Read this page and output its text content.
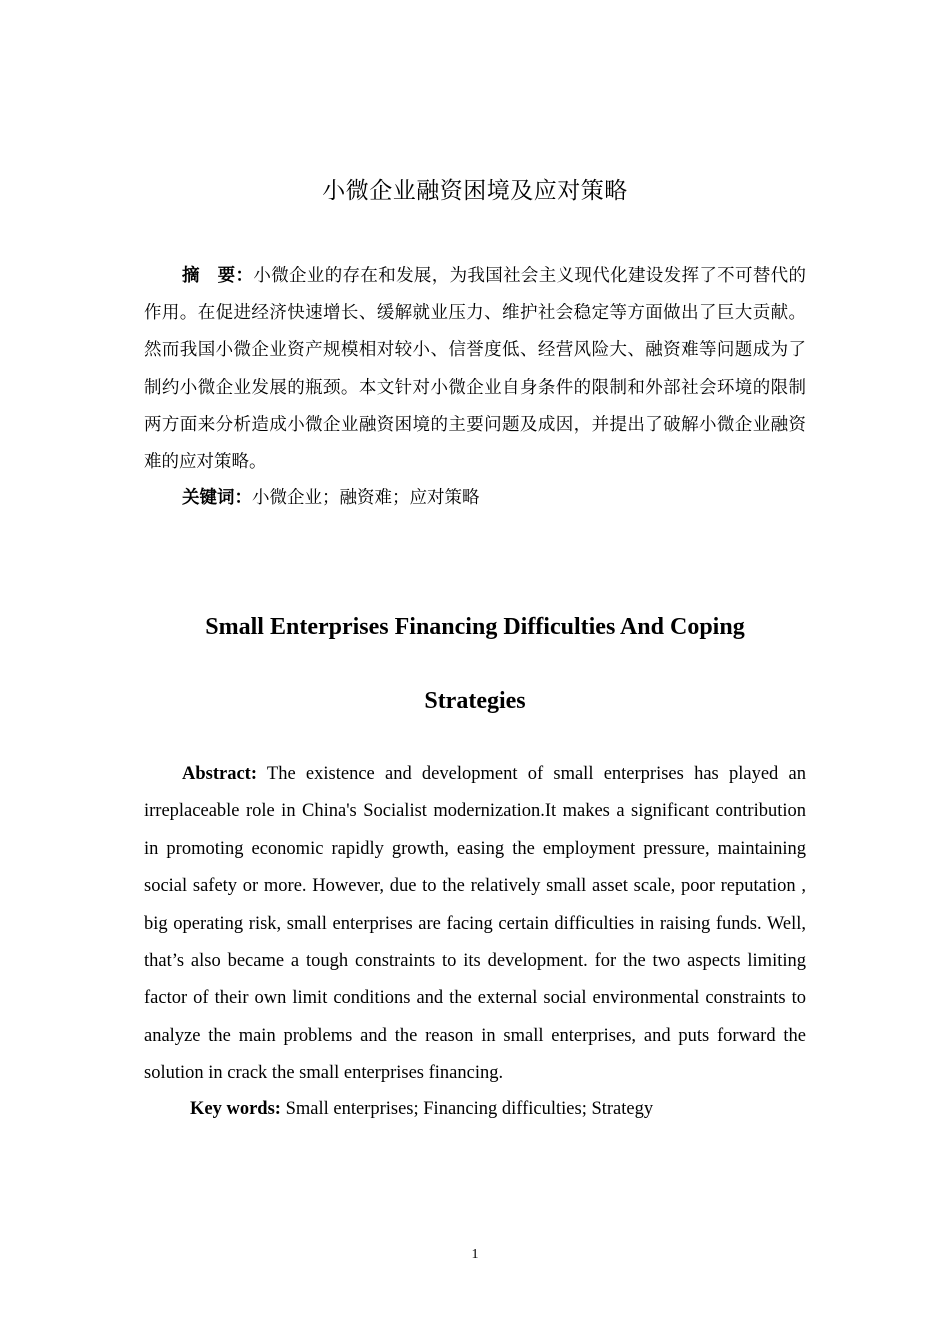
小微企业融资困境及应对策略
摘　要：小微企业的存在和发展，为我国社会主义现代化建设发挥了不可替代的作用。在促进经济快速增长、缓解就业压力、维护社会稳定等方面做出了巨大贡献。然而我国小微企业资产规模相对较小、信誉度低、经营风险大、融资难等问题成为了制约小微企业发展的瓶颈。本文针对小微企业自身条件的限制和外部社会环境的限制两方面来分析造成小微企业融资困境的主要问题及成因，并提出了破解小微企业融资难的应对策略。
关键词：小微企业；融资难；应对策略
Small Enterprises Financing Difficulties And Coping
Strategies
Abstract: The existence and development of small enterprises has played an irreplaceable role in China's Socialist modernization.It makes a significant contribution in promoting economic rapidly growth, easing the employment pressure, maintaining social safety or more. However, due to the relatively small asset scale, poor reputation , big operating risk, small enterprises are facing certain difficulties in raising funds. Well, that’s also became a tough constraints to its development. for the two aspects limiting factor of their own limit conditions and the external social environmental constraints to analyze the main problems and the reason in small enterprises, and puts forward the solution in crack the small enterprises financing.
Key words: Small enterprises; Financing difficulties; Strategy
1
